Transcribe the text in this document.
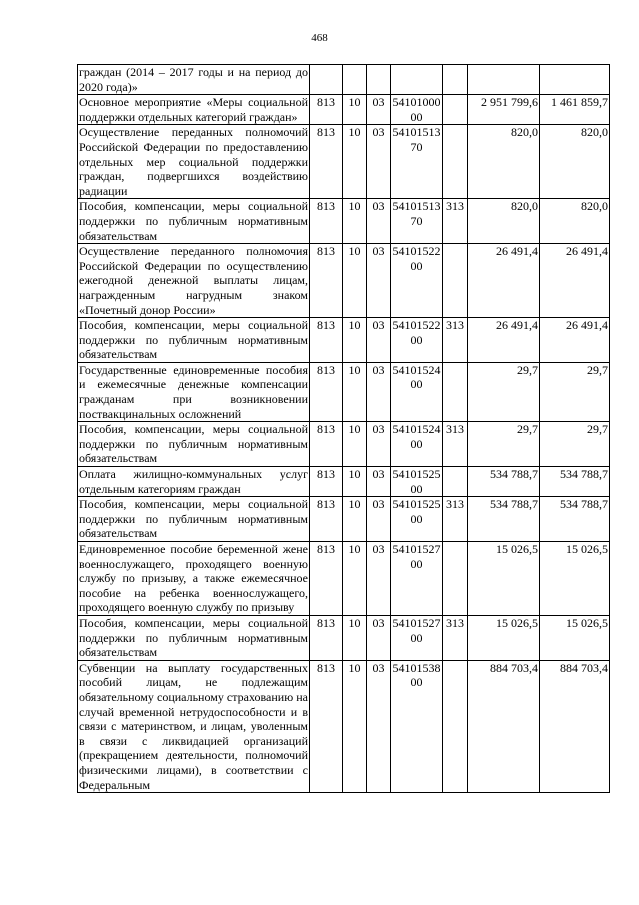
468
граждан (2014 – 2017 годы и на период до 2020 года)»							
Основное мероприятие «Меры социальной поддержки отдельных категорий граждан»	813	10	03	5410100000		2 951 799,6	1 461 859,7
Осуществление переданных полномочий Российской Федерации по предоставлению отдельных мер социальной поддержки граждан, подвергшихся воздействию радиации	813	10	03	5410151370		820,0	820,0
Пособия, компенсации, меры социальной поддержки по публичным нормативным обязательствам	813	10	03	5410151370	313	820,0	820,0
Осуществление переданного полномочия Российской Федерации по осуществлению ежегодной денежной выплаты лицам, награжденным нагрудным знаком «Почетный донор России»	813	10	03	5410152200		26 491,4	26 491,4
Пособия, компенсации, меры социальной поддержки по публичным нормативным обязательствам	813	10	03	5410152200	313	26 491,4	26 491,4
Государственные единовременные пособия и ежемесячные денежные компенсации гражданам при возникновении поствакцинальных осложнений	813	10	03	5410152400		29,7	29,7
Пособия, компенсации, меры социальной поддержки по публичным нормативным обязательствам	813	10	03	5410152400	313	29,7	29,7
Оплата жилищно-коммунальных услуг отдельным категориям граждан	813	10	03	5410152500		534 788,7	534 788,7
Пособия, компенсации, меры социальной поддержки по публичным нормативным обязательствам	813	10	03	5410152500	313	534 788,7	534 788,7
Единовременное пособие беременной жене военнослужащего, проходящего военную службу по призыву, а также ежемесячное пособие на ребенка военнослужащего, проходящего военную службу по призыву	813	10	03	5410152700		15 026,5	15 026,5
Пособия, компенсации, меры социальной поддержки по публичным нормативным обязательствам	813	10	03	5410152700	313	15 026,5	15 026,5
Субвенции на выплату государственных пособий лицам, не подлежащим обязательному социальному страхованию на случай временной нетрудоспособности и в связи с материнством, и лицам, уволенным в связи с ликвидацией организаций (прекращением деятельности, полномочий физическими лицами), в соответствии с Федеральным	813	10	03	5410153800		884 703,4	884 703,4
